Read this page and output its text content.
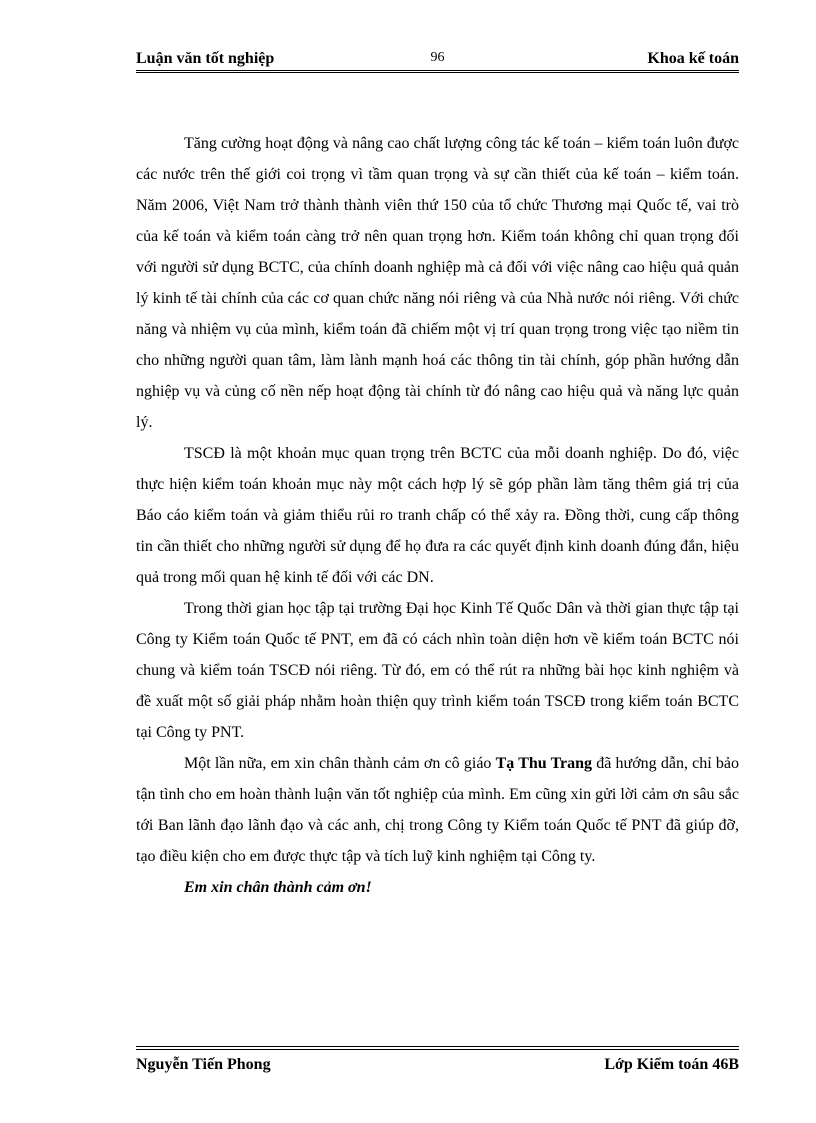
Luận văn tốt nghiệp	96	Khoa kế toán

Tăng cường hoạt động và nâng cao chất lượng công tác kế toán – kiểm toán luôn được các nước trên thế giới coi trọng vì tầm quan trọng và sự cần thiết của kế toán – kiểm toán. Năm 2006, Việt Nam trở thành thành viên thứ 150 của tổ chức Thương mại Quốc tế, vai trò của kế toán và kiểm toán càng trở nên quan trọng hơn. Kiểm toán không chỉ quan trọng đối với người sử dụng BCTC, của chính doanh nghiệp mà cả đối với việc nâng cao hiệu quả quản lý kinh tế tài chính của các cơ quan chức năng nói riêng và của Nhà nước nói riêng. Với chức năng và nhiệm vụ của mình, kiểm toán đã chiếm một vị trí quan trọng trong việc tạo niềm tin cho những người quan tâm, làm lành mạnh hoá các thông tin tài chính, góp phần hướng dẫn nghiệp vụ và củng cố nền nếp hoạt động tài chính từ đó nâng cao hiệu quả và năng lực quản lý.

TSCĐ là một khoản mục quan trọng trên BCTC của mỗi doanh nghiệp. Do đó, việc thực hiện kiểm toán khoản mục này một cách hợp lý sẽ góp phần làm tăng thêm giá trị của Báo cáo kiểm toán và giảm thiểu rủi ro tranh chấp có thể xảy ra. Đồng thời, cung cấp thông tin cần thiết cho những người sử dụng để họ đưa ra các quyết định kinh doanh đúng đắn, hiệu quả trong mối quan hệ kinh tế đối với các DN.

Trong thời gian học tập tại trường Đại học Kinh Tế Quốc Dân và thời gian thực tập tại Công ty Kiểm toán Quốc tế PNT, em đã có cách nhìn toàn diện hơn về kiểm toán BCTC nói chung và kiểm toán TSCĐ nói riêng. Từ đó, em có thể rút ra những bài học kinh nghiệm và đề xuất một số giải pháp nhằm hoàn thiện quy trình kiểm toán TSCĐ trong kiểm toán BCTC tại Công ty PNT.

Một lần nữa, em xin chân thành cảm ơn cô giáo Tạ Thu Trang đã hướng dẫn, chỉ bảo tận tình cho em hoàn thành luận văn tốt nghiệp của mình. Em cũng xin gửi lời cảm ơn sâu sắc tới Ban lãnh đạo lãnh đạo và các anh, chị trong Công ty Kiểm toán Quốc tế PNT đã giúp đỡ, tạo điều kiện cho em được thực tập và tích luỹ kinh nghiệm tại Công ty.

Em xin chân thành cảm ơn!

Nguyễn Tiến Phong	Lớp Kiểm toán 46B
